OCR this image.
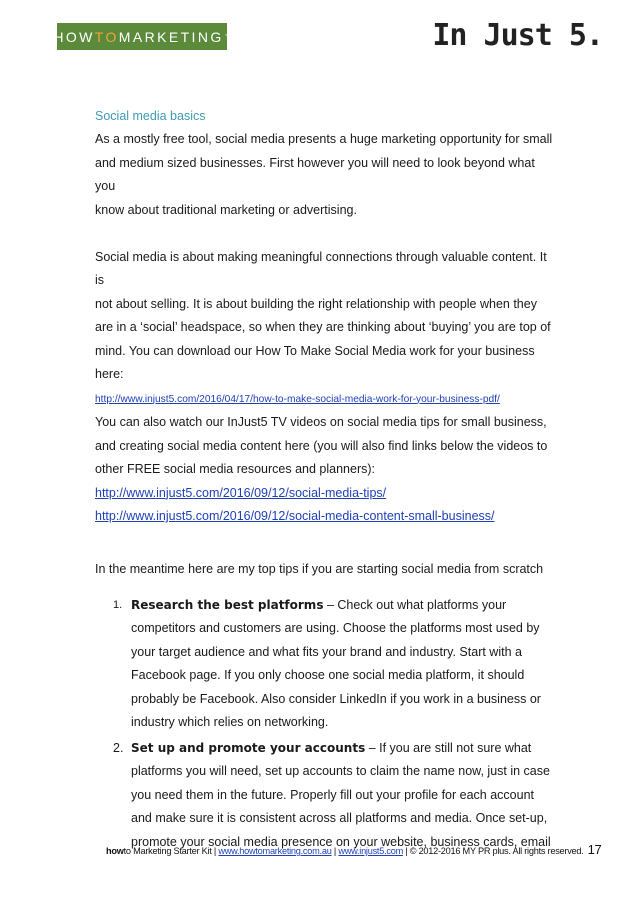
HOW TO MARKETING ™	In Just 5.
Social media basics

As a mostly free tool, social media presents a huge marketing opportunity for small

and medium sized businesses. First however you will need to look beyond what you

know about traditional marketing or advertising.

Social media is about making meaningful connections through valuable content. It is

not about selling. It is about building the right relationship with people when they

are in a ‘social’ headspace, so when they are thinking about ‘buying’ you are top of

mind. You can download our How To Make Social Media work for your business

here:

http://www.injust5.com/2016/04/17/how-to-make-social-media-work-for-your-business-pdf/

You can also watch our InJust5 TV videos on social media tips for small business,

and creating social media content here (you will also find links below the videos to

other FREE social media resources and planners):

http://www.injust5.com/2016/09/12/social-media-tips/

http://www.injust5.com/2016/09/12/social-media-content-small-business/

In the meantime here are my top tips if you are starting social media from scratch

1. Research the best platforms – Check out what platforms your
competitors and customers are using. Choose the platforms most used by
your target audience and what fits your brand and industry. Start with a
Facebook page. If you only choose one social media platform, it should
probably be Facebook. Also consider LinkedIn if you work in a business or
industry which relies on networking.
2. Set up and promote your accounts – If you are still not sure what
platforms you will need, set up accounts to claim the name now, just in case
you need them in the future. Properly fill out your profile for each account
and make sure it is consistent across all platforms and media. Once set-up,
promote your social media presence on your website, business cards, email
howto Marketing Starter Kit | www.howtomarketing.com.au | www.injust5.com | © 2012-2016 MY PR plus. All rights reserved. 17
